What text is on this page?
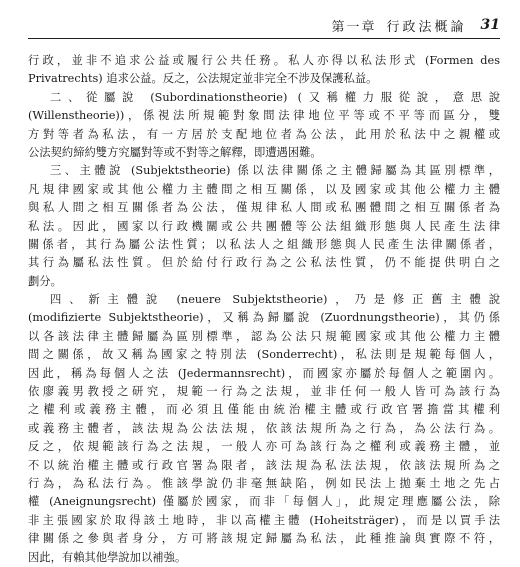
第一章 行政法概論 31
行政，並非不追求公益或履行公共任務。私人亦得以私法形式 (Formen des
Privatrechts) 追求公益。反之，公法規定並非完全不涉及保護私益。
二、從屬說 (Subordinationstheorie) (又稱權力服從說，意思說
(Willenstheorie))，係視法所規範對象間法律地位平等或不平等而區分，雙
方對等者為私法，有一方居於支配地位者為公法，此用於私法中之親權或
公法契約締約雙方究屬對等或不對等之解釋，即遭遇困難。
三、主體說 (Subjektstheorie) 係以法律關係之主體歸屬為其區別標準，
凡規律國家或其他公權力主體間之相互關係，以及國家或其他公權力主體
與私人間之相互關係者為公法，僅規律私人間或私團體間之相互關係者為
私法。因此，國家以行政機關或公共團體等公法組織形態與人民產生法律
關係者，其行為屬公法性質；以私法人之組織形態與人民產生法律關係者，
其行為屬私法性質。但於給付行政行為之公私法性質，仍不能提供明白之
劃分。
四、新主體說 (neuere Subjektstheorie)，乃是修正舊主體說
(modifizierte Subjektstheorie)，又稱為歸屬說 (Zuordnungstheorie)，其仍係
以各該法律主體歸屬為區別標準，認為公法只規範國家或其他公權力主體
間之關係，故又稱為國家之特別法 (Sonderrecht)，私法則是規範每個人，
因此，稱為每個人之法 (Jedermannsrecht)，而國家亦屬於每個人之範圍內。
依廖義男教授之研究，規範一行為之法規，並非任何一般人皆可為該行為
之權利或義務主體，而必須且僅能由統治權主體或行政官署擔當其權利
或義務主體者，該法規為公法法規，依該法規所為之行為，為公法行為。
反之，依規範該行為之法規，一般人亦可為該行為之權利或義務主體，並
不以統治權主體或行政官署為限者，該法規為私法法規，依該法規所為之
行為，為私法行為。惟該學說仍非毫無缺陷，例如民法上拋棄土地之先占
權 (Aneignungsrecht) 僅屬於國家，而非「每個人」，此規定理應屬公法，除
非主張國家於取得該土地時，非以高權主體 (Hoheitsträger)，而是以買手法
律關係之參與者身分，方可將該規定歸屬為私法，此種推論與實際不符，
因此，有賴其他學說加以補強。
